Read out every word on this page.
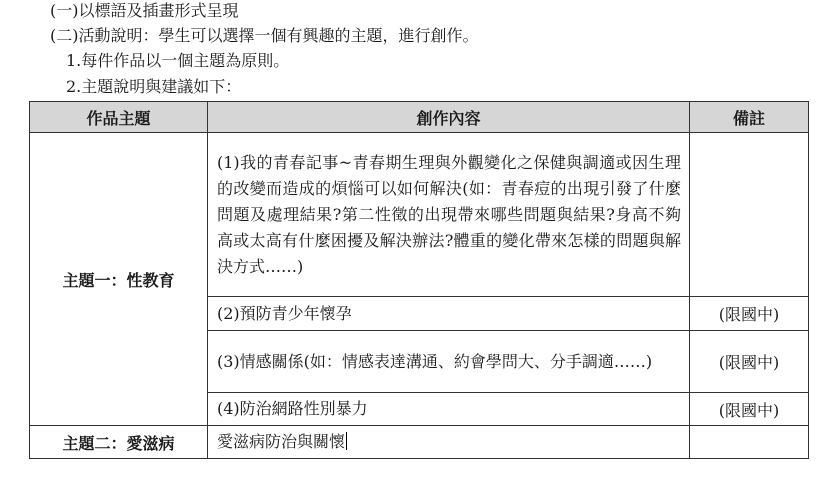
(一)以標語及插畫形式呈現
(二)活動說明：學生可以選擇一個有興趣的主題，進行創作。
1.每件作品以一個主題為原則。
2.主題說明與建議如下：
作品主題	創作內容	備註
主題一：性教育	(1)我的青春記事~青春期生理與外觀變化之保健與調適或因生理的改變而造成的煩惱可以如何解決(如：青春痘的出現引發了什麼問題及處理結果?第二性徵的出現帶來哪些問題與結果?身高不夠高或太高有什麼困擾及解決辦法?體重的變化帶來怎樣的問題與解決方式……)	
	(2)預防青少年懷孕	(限國中)
	(3)情感關係(如：情感表達溝通、約會學問大、分手調適……)	(限國中)
	(4)防治網路性別暴力	(限國中)
主題二：愛滋病	愛滋病防治與關懷	
